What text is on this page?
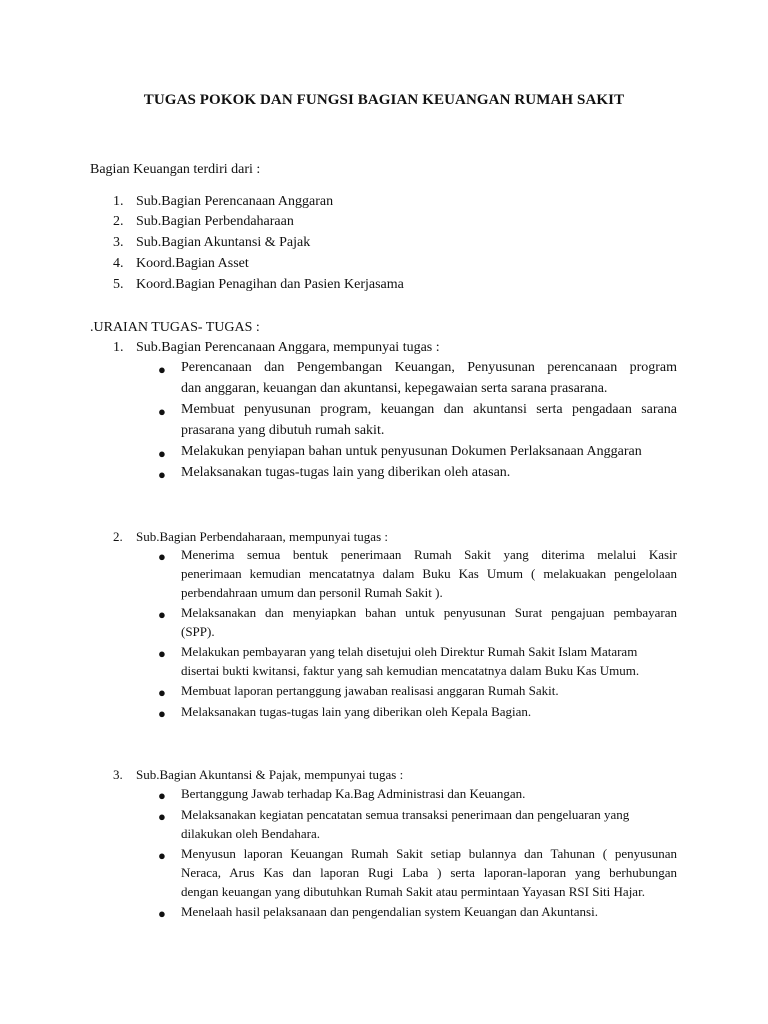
TUGAS POKOK DAN FUNGSI BAGIAN KEUANGAN RUMAH SAKIT
Bagian Keuangan terdiri dari :
1. Sub.Bagian Perencanaan Anggaran
2. Sub.Bagian Perbendaharaan
3. Sub.Bagian Akuntansi & Pajak
4. Koord.Bagian Asset
5. Koord.Bagian Penagihan dan Pasien Kerjasama
.URAIAN TUGAS- TUGAS :
1. Sub.Bagian Perencanaan Anggara, mempunyai tugas :
● Perencanaan dan Pengembangan Keuangan, Penyusunan perencanaan program
dan anggaran, keuangan dan akuntansi, kepegawaian serta sarana prasarana.
● Membuat penyusunan program, keuangan dan akuntansi serta pengadaan sarana
prasarana yang dibutuh rumah sakit.
● Melakukan penyiapan bahan untuk penyusunan Dokumen Perlaksanaan Anggaran
● Melaksanakan tugas-tugas lain yang diberikan oleh atasan.
2.	Sub.Bagian Perbendaharaan, mempunyai tugas :
● Menerima semua bentuk penerimaan Rumah Sakit yang diterima melalui Kasir
penerimaan kemudian mencatatnya dalam Buku Kas Umum ( melakuakan pengelolaan
perbendahraan umum dan personil Rumah Sakit ).
● Melaksanakan dan menyiapkan bahan untuk penyusunan Surat pengajuan pembayaran
(SPP).
● Melakukan pembayaran yang telah disetujui oleh Direktur Rumah Sakit Islam Mataram
disertai bukti kwitansi, faktur yang sah kemudian mencatatnya dalam Buku Kas Umum.
● Membuat laporan pertanggung jawaban realisasi anggaran Rumah Sakit.
● Melaksanakan tugas-tugas lain yang diberikan oleh Kepala Bagian.
3.	Sub.Bagian Akuntansi & Pajak, mempunyai tugas :
● Bertanggung Jawab terhadap Ka.Bag Administrasi dan Keuangan.
● Melaksanakan kegiatan pencatatan semua transaksi penerimaan dan pengeluaran yang
dilakukan oleh Bendahara.
● Menyusun laporan Keuangan Rumah Sakit setiap bulannya dan Tahunan ( penyusunan
Neraca, Arus Kas dan laporan Rugi Laba ) serta laporan-laporan yang berhubungan
dengan keuangan yang dibutuhkan Rumah Sakit atau permintaan Yayasan RSI Siti Hajar.
● Menelaah hasil pelaksanaan dan pengendalian system Keuangan dan Akuntansi.
